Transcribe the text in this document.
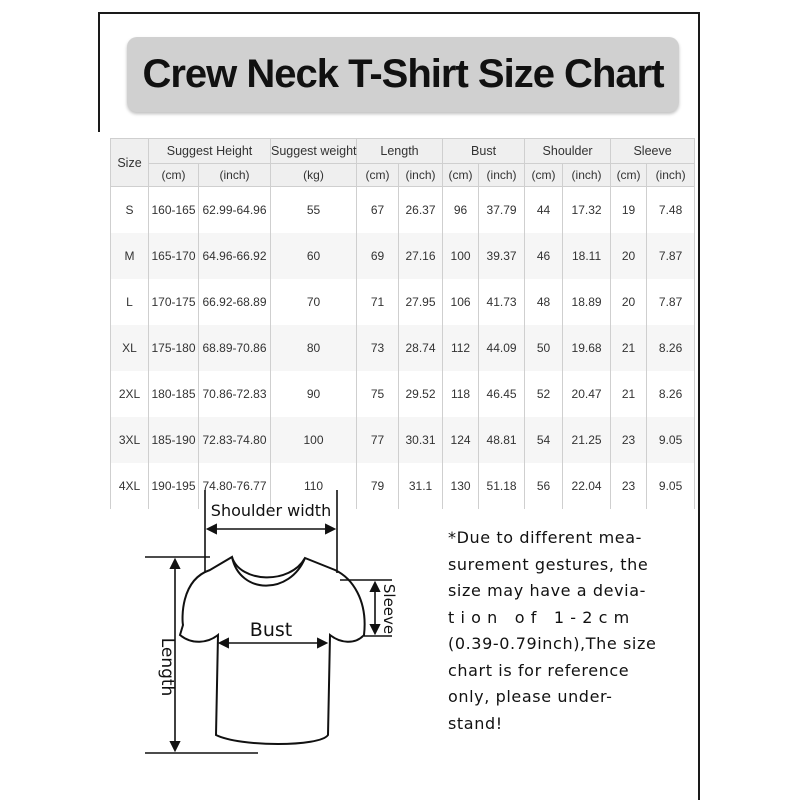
Crew Neck T-Shirt Size Chart
Size	Suggest Height		Suggest weight	Length		Bust		Shoulder		Sleeve	
	(cm)	(inch)	(kg)	(cm)	(inch)	(cm)	(inch)	(cm)	(inch)	(cm)	(inch)
S	160-165	62.99-64.96	55	67	26.37	96	37.79	44	17.32	19	7.48
M	165-170	64.96-66.92	60	69	27.16	100	39.37	46	18.11	20	7.87
L	170-175	66.92-68.89	70	71	27.95	106	41.73	48	18.89	20	7.87
XL	175-180	68.89-70.86	80	73	28.74	112	44.09	50	19.68	21	8.26
2XL	180-185	70.86-72.83	90	75	29.52	118	46.45	52	20.47	21	8.26
3XL	185-190	72.83-74.80	100	77	30.31	124	48.81	54	21.25	23	9.05
4XL	190-195	74.80-76.77	110	79	31.1	130	51.18	56	22.04	23	9.05
Shoulder width
Bust
Length
Sleeve
*Due to different mea-
surement gestures, the
size may have a devia-
tion of 1-2cm
(0.39-0.79inch),The size
chart is for reference
only, please under-
stand!
